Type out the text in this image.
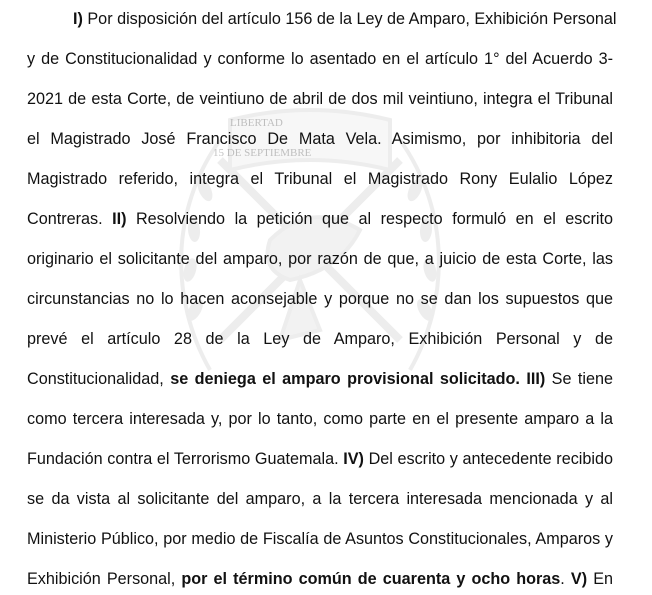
LIBERTAD
15 DE SEPTIEMBRE
I) Por disposición del artículo 156 de la Ley de Amparo, Exhibición Personal
y de Constitucionalidad y conforme lo asentado en el artículo 1° del Acuerdo 3-
2021 de esta Corte, de veintiuno de abril de dos mil veintiuno, integra el Tribunal
el Magistrado José Francisco De Mata Vela. Asimismo, por inhibitoria del
Magistrado referido, integra el Tribunal el Magistrado Rony Eulalio López
Contreras. II) Resolviendo la petición que al respecto formuló en el escrito
originario el solicitante del amparo, por razón de que, a juicio de esta Corte, las
circunstancias no lo hacen aconsejable y porque no se dan los supuestos que
prevé el artículo 28 de la Ley de Amparo, Exhibición Personal y de
Constitucionalidad, se deniega el amparo provisional solicitado. III) Se tiene
como tercera interesada y, por lo tanto, como parte en el presente amparo a la
Fundación contra el Terrorismo Guatemala. IV) Del escrito y antecedente recibido
se da vista al solicitante del amparo, a la tercera interesada mencionada y al
Ministerio Público, por medio de Fiscalía de Asuntos Constitucionales, Amparos y
Exhibición Personal, por el término común de cuarenta y ocho horas. V) En
